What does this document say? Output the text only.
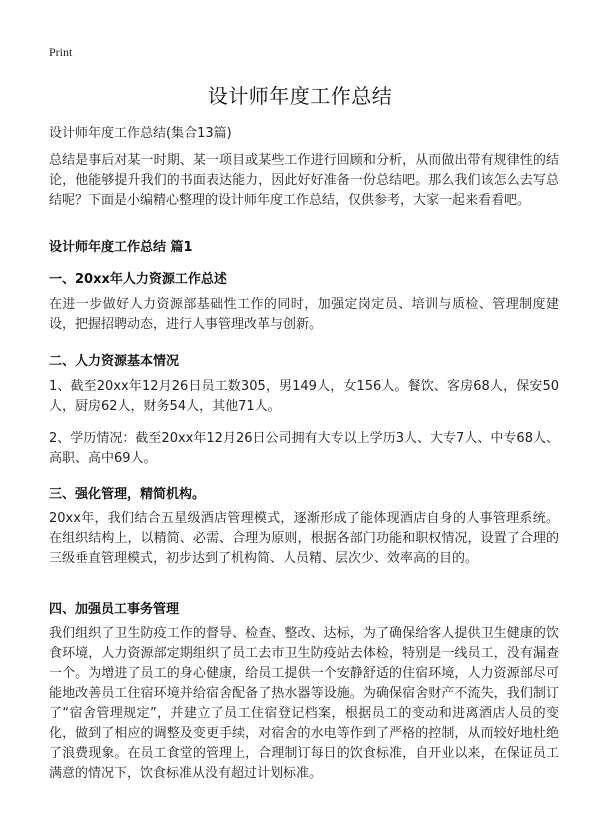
Print
设计师年度工作总结
设计师年度工作总结(集合13篇)
总结是事后对某一时期、某一项目或某些工作进行回顾和分析，从而做出带有规律性的结论，他能够提升我们的书面表达能力，因此好好准备一份总结吧。那么我们该怎么去写总结呢？下面是小编精心整理的设计师年度工作总结，仅供参考，大家一起来看看吧。
设计师年度工作总结 篇1
一、20xx年人力资源工作总述
在进一步做好人力资源部基础性工作的同时，加强定岗定员、培训与质检、管理制度建设，把握招聘动态，进行人事管理改革与创新。
二、人力资源基本情况
1、截至20xx年12月26日员工数305，男149人，女156人。餐饮、客房68人，保安50人，厨房62人，财务54人，其他71人。
2、学历情况：截至20xx年12月26日公司拥有大专以上学历3人、大专7人、中专68人、高职、高中69人。
三、强化管理，精简机构。
20xx年，我们结合五星级酒店管理模式，逐渐形成了能体现酒店自身的人事管理系统。在组织结构上，以精简、必需、合理为原则，根据各部门功能和职权情况，设置了合理的三级垂直管理模式，初步达到了机构简、人员精、层次少、效率高的目的。
四、加强员工事务管理
我们组织了卫生防疫工作的督导、检查、整改、达标，为了确保给客人提供卫生健康的饮食环境，人力资源部定期组织了员工去市卫生防疫站去体检，特别是一线员工，没有漏查一个。为增进了员工的身心健康，给员工提供一个安静舒适的住宿环境，人力资源部尽可能地改善员工住宿环境并给宿舍配备了热水器等设施。为确保宿舍财产不流失，我们制订了“宿舍管理规定”，并建立了员工住宿登记档案，根据员工的变动和进离酒店人员的变化，做到了相应的调整及变更手续，对宿舍的水电等作到了严格的控制，从而较好地杜绝了浪费现象。在员工食堂的管理上，合理制订每日的饮食标准，自开业以来，在保证员工满意的情况下，饮食标准从没有超过计划标准。
